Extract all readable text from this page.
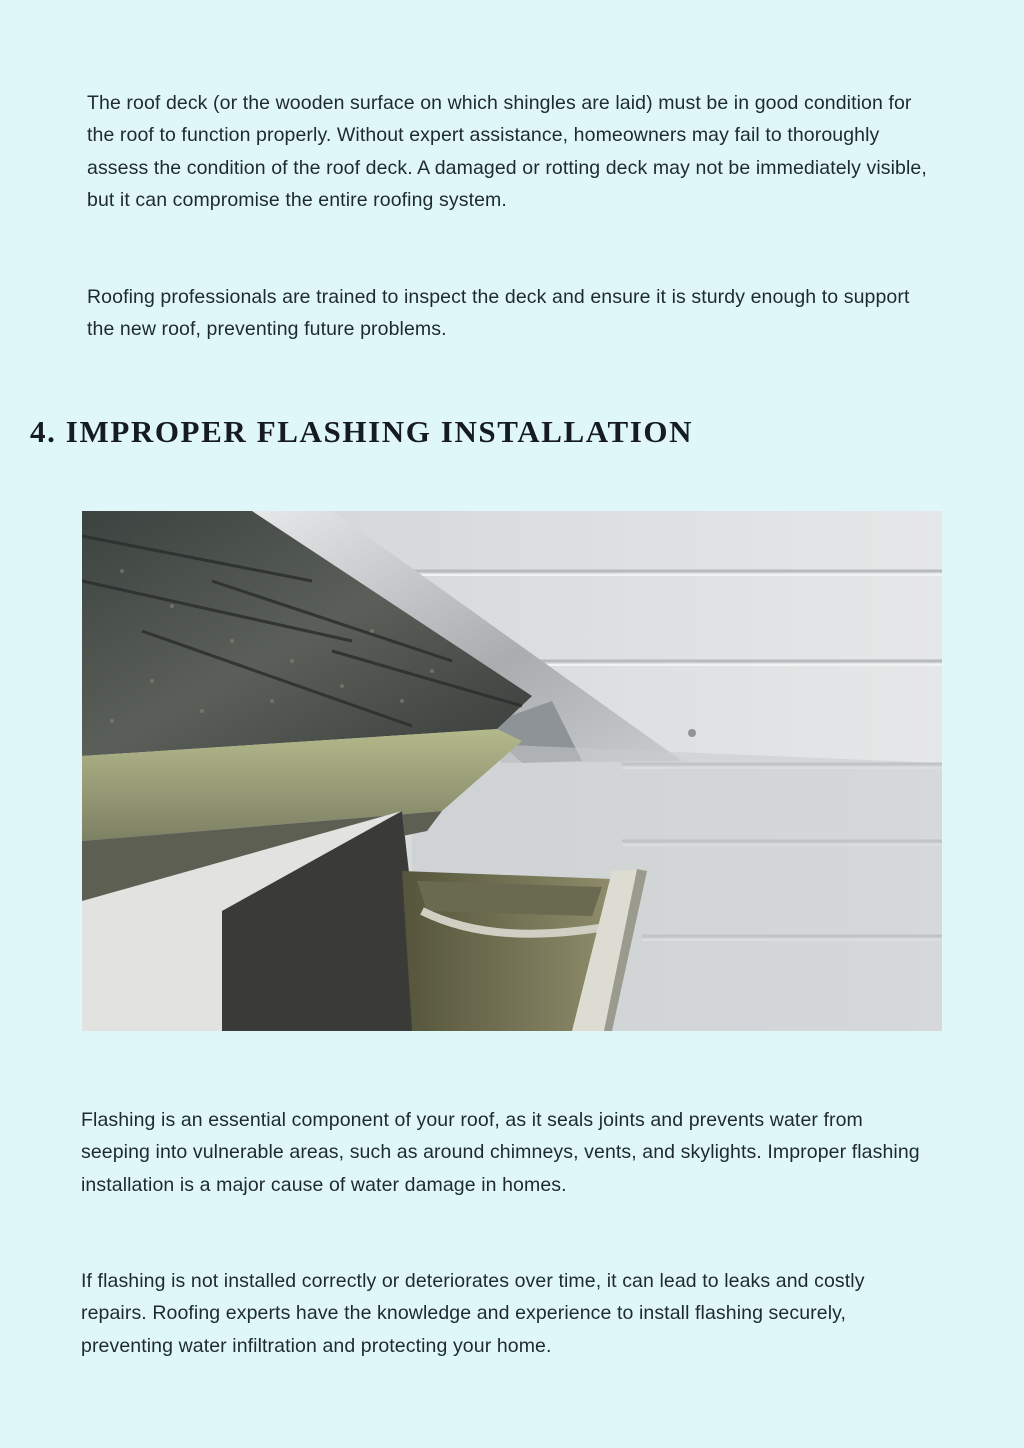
The roof deck (or the wooden surface on which shingles are laid) must be in good condition for the roof to function properly. Without expert assistance, homeowners may fail to thoroughly assess the condition of the roof deck. A damaged or rotting deck may not be immediately visible, but it can compromise the entire roofing system.

Roofing professionals are trained to inspect the deck and ensure it is sturdy enough to support the new roof, preventing future problems.

4. IMPROPER FLASHING INSTALLATION

Flashing is an essential component of your roof, as it seals joints and prevents water from seeping into vulnerable areas, such as around chimneys, vents, and skylights. Improper flashing installation is a major cause of water damage in homes.

If flashing is not installed correctly or deteriorates over time, it can lead to leaks and costly repairs. Roofing experts have the knowledge and experience to install flashing securely, preventing water infiltration and protecting your home.
